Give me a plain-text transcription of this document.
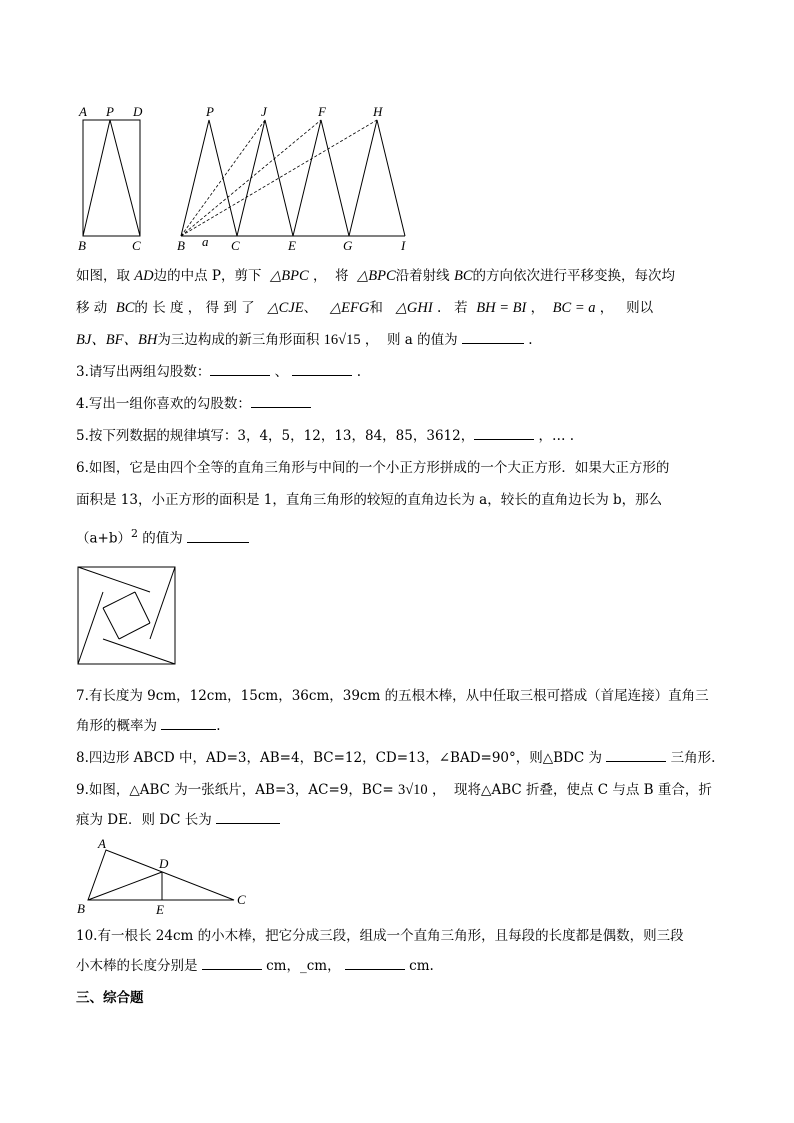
A P D
B	C
P	J	F	H
B a C	E	G	I
如图，取 AD边的中点 P，剪下  △BPC ，  将  △BPC沿着射线 BC的方向依次进行平移变换，每次均
移 动  BC的 长 度 ， 得 到 了   △CJE、   △EFG和   △GHI .   若  BH = BI ，  BC = a ，   则以
BJ、BF、BH为三边构成的新三角形面积 16√15 ，  则 a 的值为	.
3.请写出两组勾股数：	、	.
4.写出一组你喜欢的勾股数：
5.按下列数据的规律填写：3，4，5，12，13，84，85，3612，	，… .
6.如图，它是由四个全等的直角三角形与中间的一个小正方形拼成的一个大正方形．如果大正方形的
面积是 13，小正方形的面积是 1，直角三角形的较短的直角边长为 a，较长的直角边长为 b，那么
$(a+b)^2$ 的值为
7.有长度为 9cm，12cm，15cm，36cm，39cm 的五根木棒，从中任取三根可搭成（首尾连接）直角三
角形的概率为	.
8.四边形 ABCD 中，AD=3，AB=4，BC=12，CD=13，∠BAD=90°，则△BDC 为	三角形.
9.如图，△ABC 为一张纸片，AB=3，AC=9，BC= 3√10 ，  现将△ABC 折叠，使点 C 与点 B 重合，折
痕为 DE．则 DC 长为
A
D
B	E
C
10.有一根长 24cm 的小木棒，把它分成三段，组成一个直角三角形，且每段的长度都是偶数，则三段
小木棒的长度分别是	cm，_cm，	cm.
三、综合题
